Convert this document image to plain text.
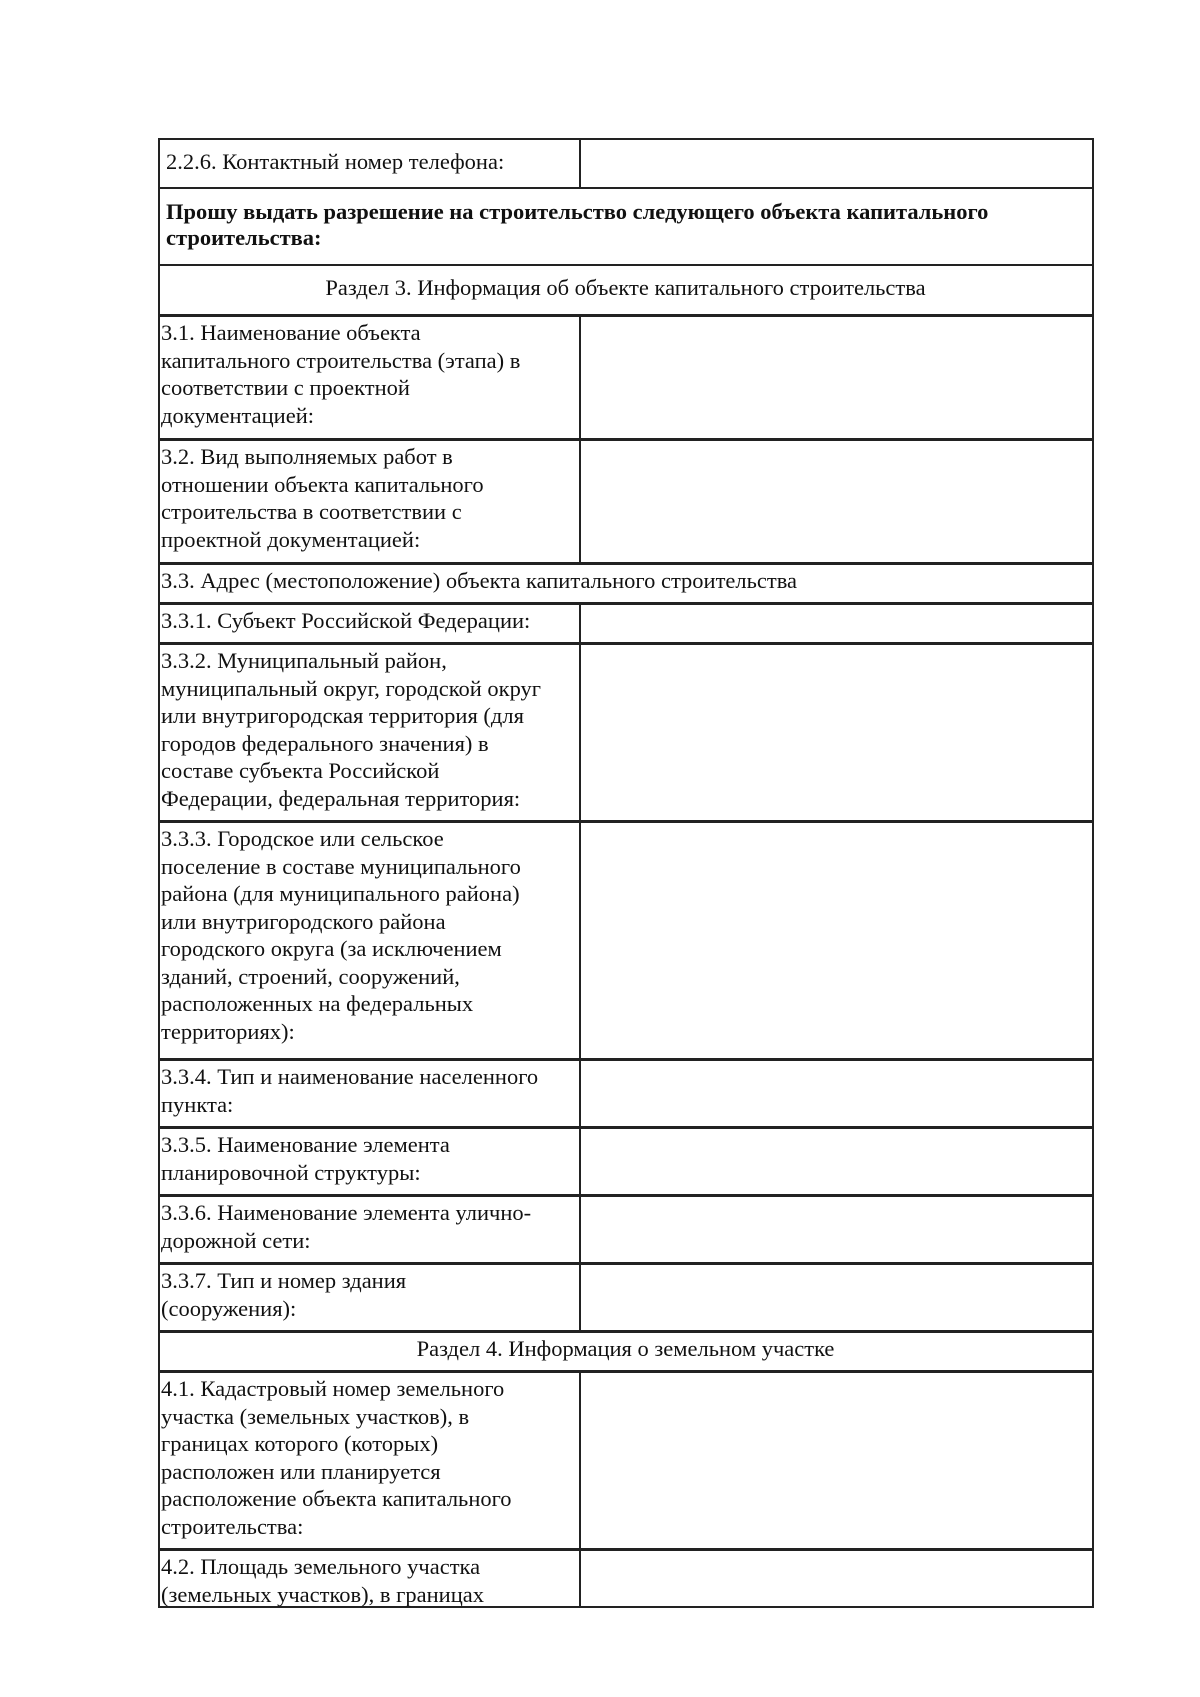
2.2.6. Контактный номер телефона:
Прошу выдать разрешение на строительство следующего объекта капитального строительства:
Раздел 3. Информация об объекте капитального строительства
3.1. Наименование объекта
капитального строительства (этапа) в
соответствии с проектной
документацией:
3.2. Вид выполняемых работ в
отношении объекта капитального
строительства в соответствии с
проектной документацией:
3.3. Адрес (местоположение) объекта капитального строительства
3.3.1. Субъект Российской Федерации:
3.3.2. Муниципальный район,
муниципальный округ, городской округ
или внутригородская территория (для
городов федерального значения) в
составе субъекта Российской
Федерации, федеральная территория:
3.3.3. Городское или сельское
поселение в составе муниципального
района (для муниципального района)
или внутригородского района
городского округа (за исключением
зданий, строений, сооружений,
расположенных на федеральных
территориях):
3.3.4. Тип и наименование населенного
пункта:
3.3.5. Наименование элемента
планировочной структуры:
3.3.6. Наименование элемента улично-
дорожной сети:
3.3.7. Тип и номер здания
(сооружения):
Раздел 4. Информация о земельном участке
4.1. Кадастровый номер земельного
участка (земельных участков), в
границах которого (которых)
расположен или планируется
расположение объекта капитального
строительства:
4.2. Площадь земельного участка
(земельных участков), в границах
